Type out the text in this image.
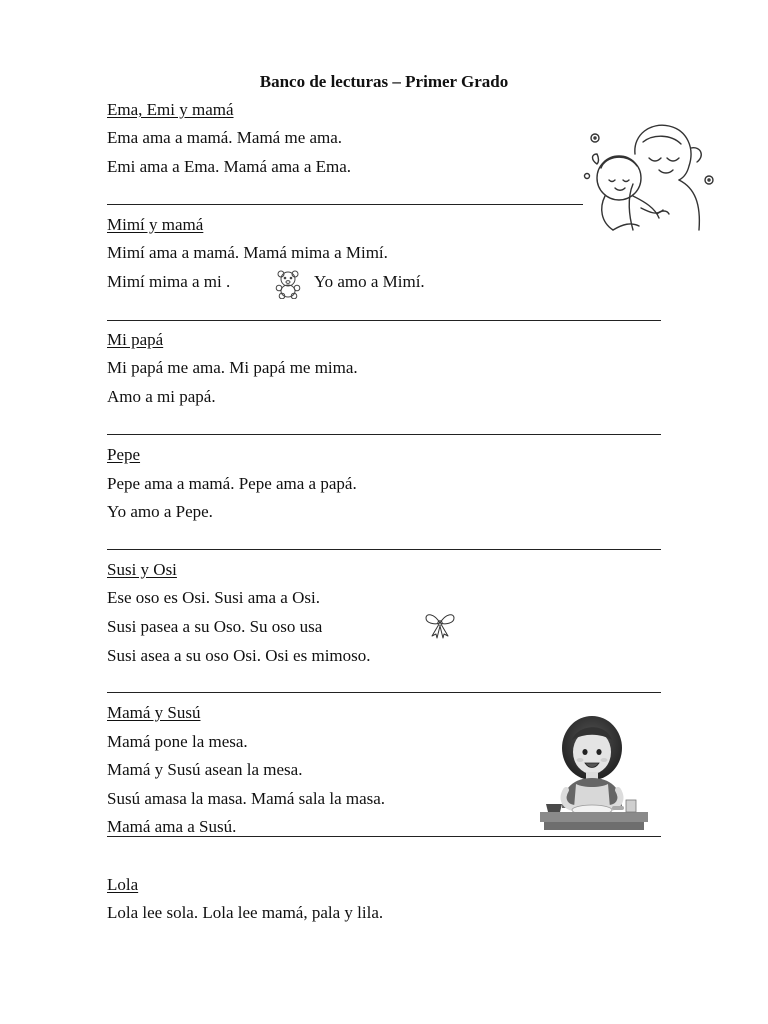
Banco de lecturas – Primer Grado
Ema, Emi y mamá
Ema ama a mamá. Mamá me ama.
Emi ama a Ema. Mamá ama a Ema.
Mimí y mamá
Mimí ama a mamá. Mamá mima a Mimí.
Mimí mima a mi .	Yo amo a Mimí.
Mi papá
Mi papá me ama. Mi papá me mima.
Amo a mi papá.
Pepe
Pepe ama a mamá. Pepe ama a papá.
Yo amo a Pepe.
Susi y Osi
Ese oso es Osi. Susi ama a Osi.
Susi pasea a su Oso. Su oso usa
Susi asea a su oso Osi. Osi es mimoso.
Mamá y Susú
Mamá pone la mesa.
Mamá y Susú asean la mesa.
Susú amasa la masa. Mamá sala la masa.
Mamá ama a Susú.
Lola
Lola lee sola. Lola lee mamá, pala y lila.
